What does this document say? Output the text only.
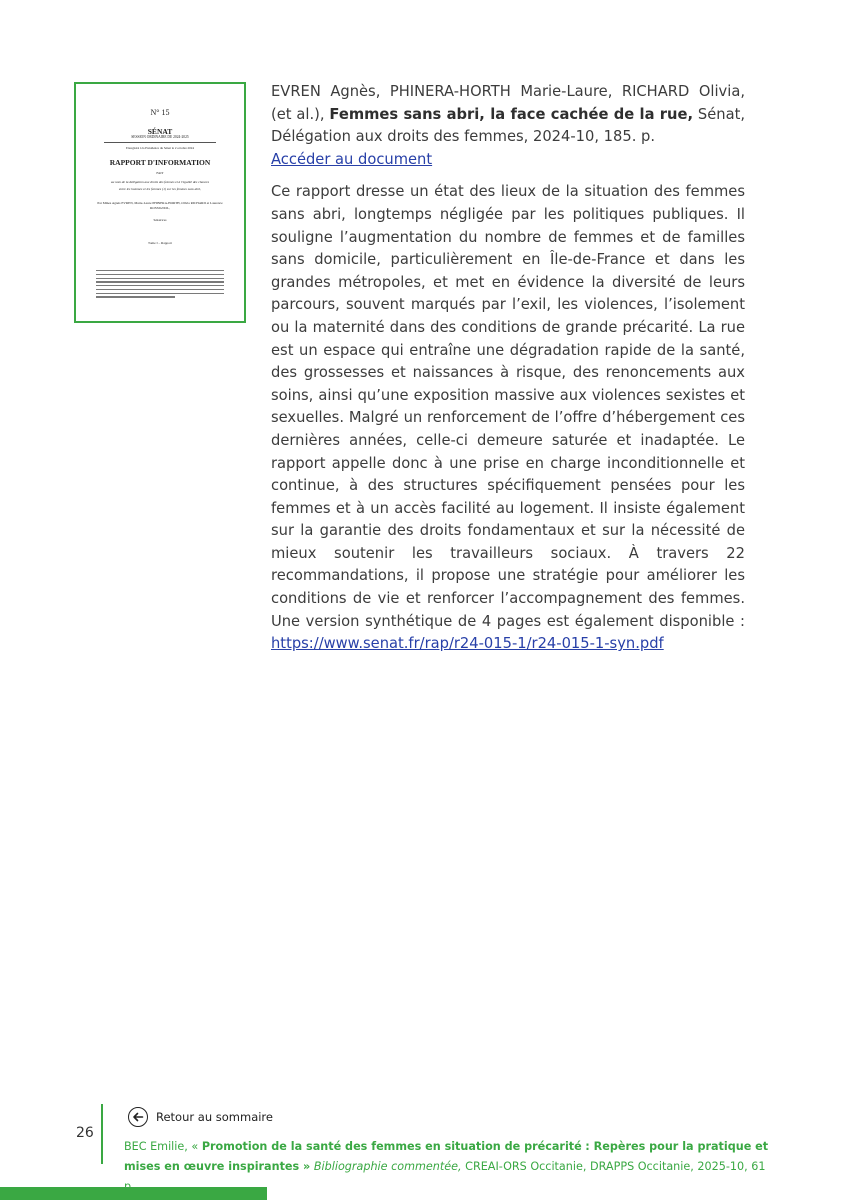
N° 15
SÉNAT
SESSION ORDINAIRE DE 2024-2025
Enregistré à la Présidence du Sénat le 2 octobre 2024
RAPPORT D'INFORMATION
FAIT
au nom de la délégation aux droits des femmes et à l'égalité des chances
entre les hommes et les femmes (1) sur les femmes sans abri,
Par Mmes Agnès EVREN, Marie-Laure PHINERA-HORTH, Olivia RICHARD et Laurence ROSSIGNOL,
Sénatrices
Tome I – Rapport
EVREN Agnès, PHINERA-HORTH Marie-Laure, RICHARD Olivia, (et al.), Femmes sans abri, la face cachée de la rue, Sénat, Délégation aux droits des femmes, 2024-10, 185. p.
Accéder au document
Ce rapport dresse un état des lieux de la situation des femmes sans abri, longtemps négligée par les politiques publiques. Il souligne l’augmentation du nombre de femmes et de familles sans domicile, particulièrement en Île-de-France et dans les grandes métropoles, et met en évidence la diversité de leurs parcours, souvent marqués par l’exil, les violences, l’isolement ou la maternité dans des conditions de grande précarité. La rue est un espace qui entraîne une dégradation rapide de la santé, des grossesses et naissances à risque, des renoncements aux soins, ainsi qu’une exposition massive aux violences sexistes et sexuelles. Malgré un renforcement de l’offre d’hébergement ces dernières années, celle-ci demeure saturée et inadaptée. Le rapport appelle donc à une prise en charge inconditionnelle et continue, à des structures spécifiquement pensées pour les femmes et à un accès facilité au logement. Il insiste également sur la garantie des droits fondamentaux et sur la nécessité de mieux soutenir les travailleurs sociaux. À travers 22 recommandations, il propose une stratégie pour améliorer les conditions de vie et renforcer l’accompagnement des femmes. Une version synthétique de 4 pages est également disponible : https://www.senat.fr/rap/r24-015-1/r24-015-1-syn.pdf
26
Retour au sommaire
BEC Emilie, « Promotion de la santé des femmes en situation de précarité : Repères pour la pratique et mises en œuvre inspirantes » Bibliographie commentée, CREAI-ORS Occitanie, DRAPPS Occitanie, 2025-10, 61
